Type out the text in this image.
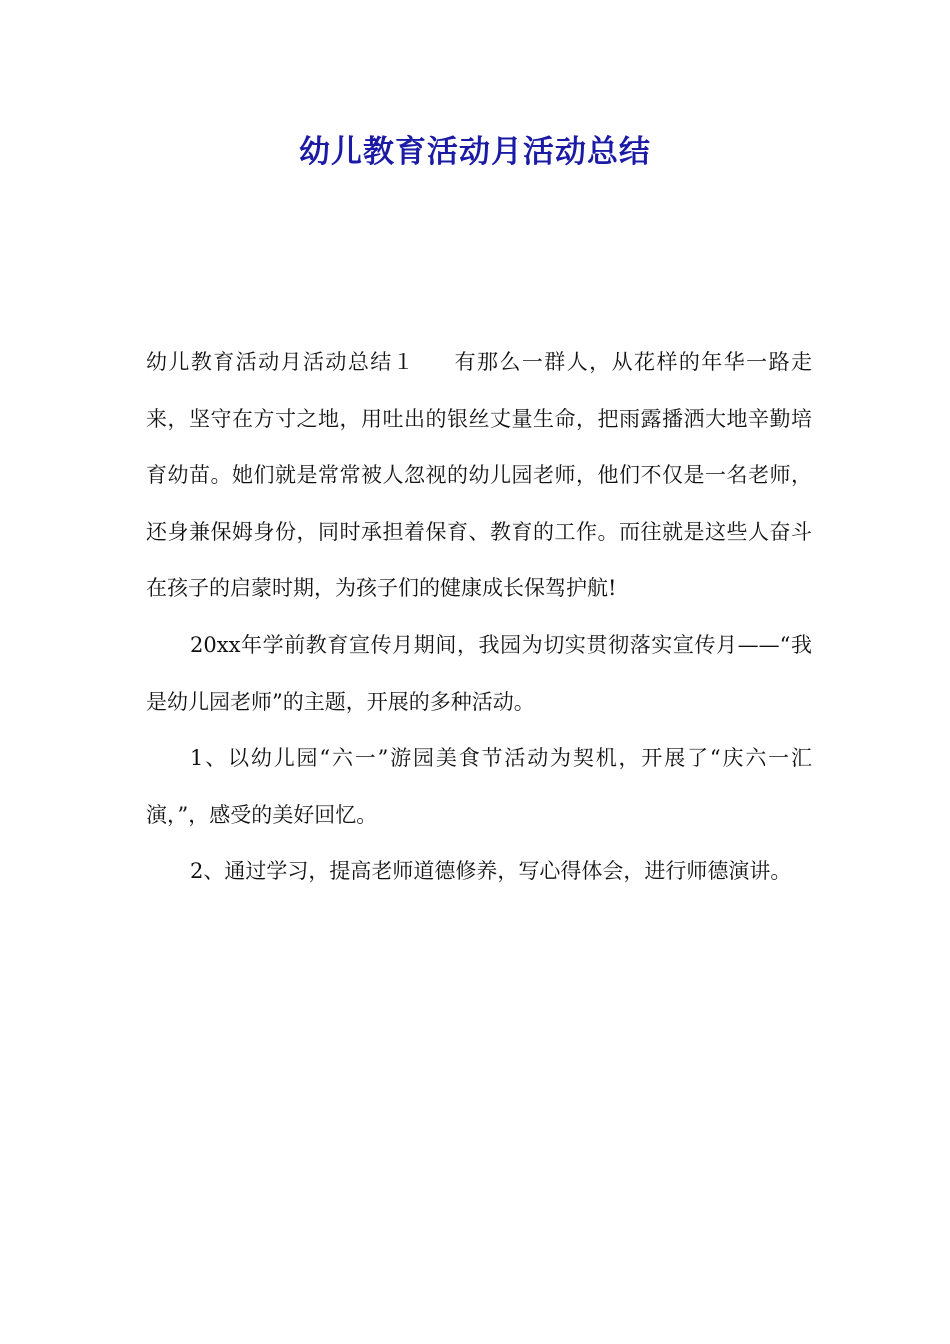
幼儿教育活动月活动总结

幼儿教育活动月活动总结１ 有那么一群人，从花样的年华一路走来，坚守在方寸之地，用吐出的银丝丈量生命，把雨露播洒大地辛勤培育幼苗。她们就是常常被人忽视的幼儿园老师，他们不仅是一名老师，还身兼保姆身份，同时承担着保育、教育的工作。而往就是这些人奋斗在孩子的启蒙时期，为孩子们的健康成长保驾护航!

20xx年学前教育宣传月期间，我园为切实贯彻落实宣传月——“我是幼儿园老师”的主题，开展的多种活动。

1、以幼儿园“六一”游园美食节活动为契机，开展了“庆六一汇演，”，感受的美好回忆。

2、通过学习，提高老师道德修养，写心得体会，进行师德演讲。
